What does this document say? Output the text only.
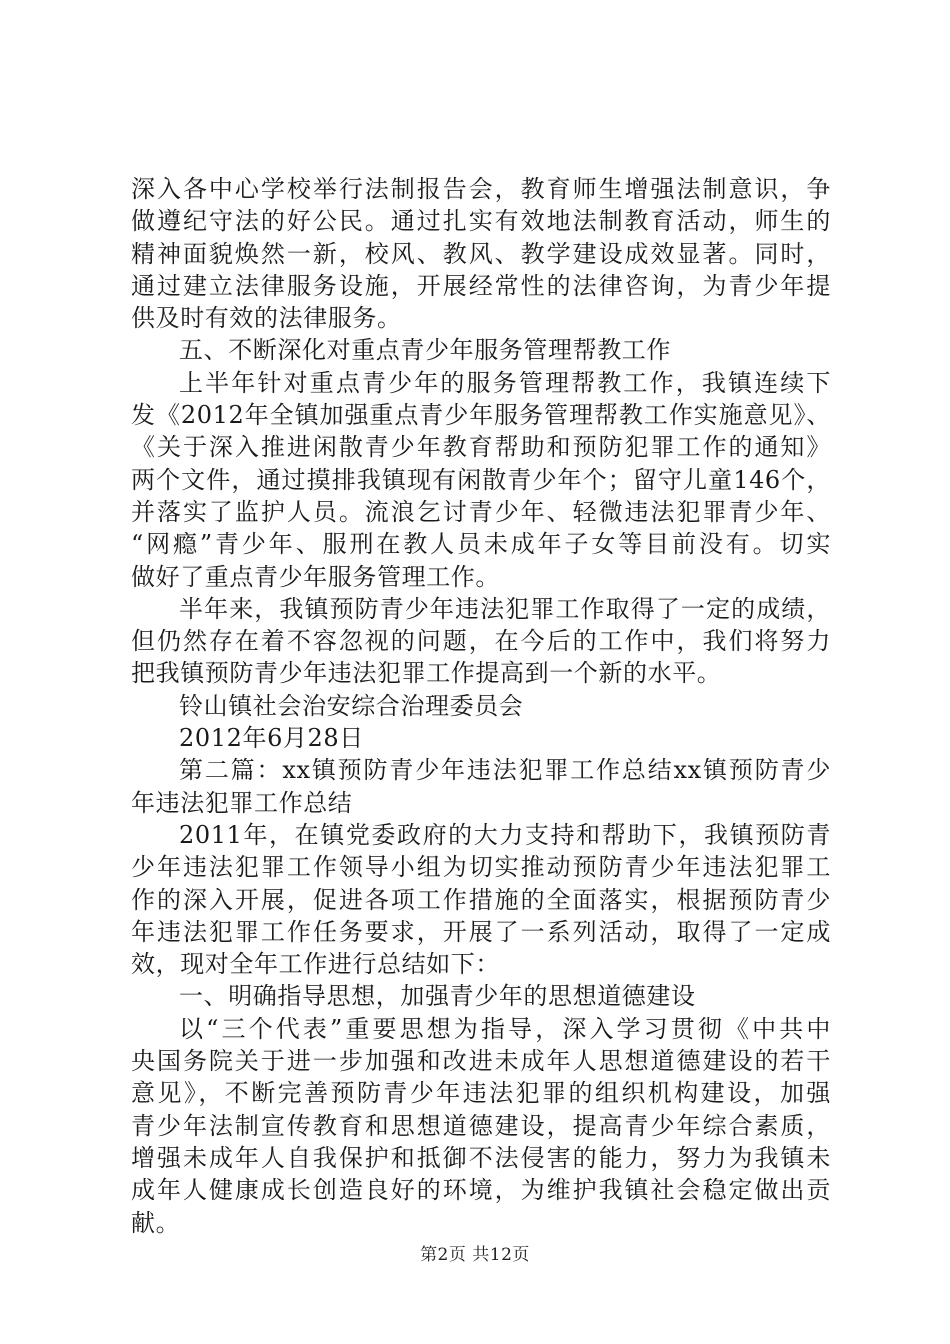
深入各中心学校举行法制报告会，教育师生增强法制意识，争
做遵纪守法的好公民。通过扎实有效地法制教育活动，师生的
精神面貌焕然一新，校风、教风、教学建设成效显著。同时，
通过建立法律服务设施，开展经常性的法律咨询，为青少年提
供及时有效的法律服务。
五、不断深化对重点青少年服务管理帮教工作
上半年针对重点青少年的服务管理帮教工作，我镇连续下
发《2012年全镇加强重点青少年服务管理帮教工作实施意见》、
《关于深入推进闲散青少年教育帮助和预防犯罪工作的通知》
两个文件，通过摸排我镇现有闲散青少年个；留守儿童146个，
并落实了监护人员。流浪乞讨青少年、轻微违法犯罪青少年、
“网瘾”青少年、服刑在教人员未成年子女等目前没有。切实
做好了重点青少年服务管理工作。
半年来，我镇预防青少年违法犯罪工作取得了一定的成绩，
但仍然存在着不容忽视的问题，在今后的工作中，我们将努力
把我镇预防青少年违法犯罪工作提高到一个新的水平。
铃山镇社会治安综合治理委员会
2012年6月28日
第二篇：xx镇预防青少年违法犯罪工作总结xx镇预防青少
年违法犯罪工作总结
2011年，在镇党委政府的大力支持和帮助下，我镇预防青
少年违法犯罪工作领导小组为切实推动预防青少年违法犯罪工
作的深入开展，促进各项工作措施的全面落实，根据预防青少
年违法犯罪工作任务要求，开展了一系列活动，取得了一定成
效，现对全年工作进行总结如下：
一、明确指导思想，加强青少年的思想道德建设
以“三个代表”重要思想为指导，深入学习贯彻《中共中
央国务院关于进一步加强和改进未成年人思想道德建设的若干
意见》，不断完善预防青少年违法犯罪的组织机构建设，加强
青少年法制宣传教育和思想道德建设，提高青少年综合素质，
增强未成年人自我保护和抵御不法侵害的能力，努力为我镇未
成年人健康成长创造良好的环境，为维护我镇社会稳定做出贡
献。
第2页 共12页
